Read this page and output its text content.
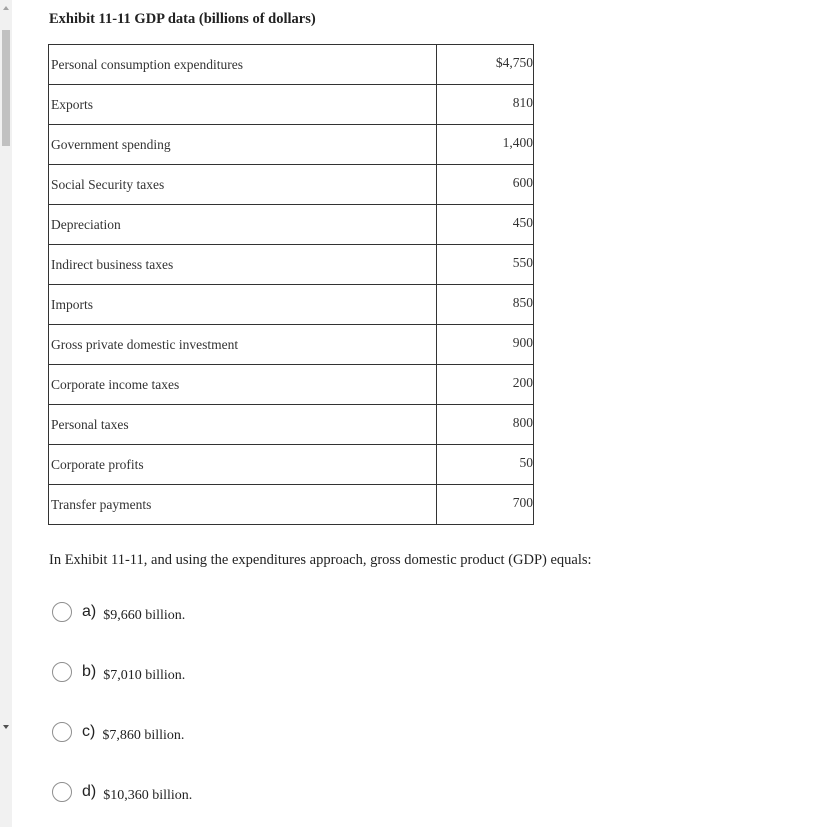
Exhibit 11-11 GDP data (billions of dollars)
Personal consumption expenditures	$4,750
Exports	810
Government spending	1,400
Social Security taxes	600
Depreciation	450
Indirect business taxes	550
Imports	850
Gross private domestic investment	900
Corporate income taxes	200
Personal taxes	800
Corporate profits	50
Transfer payments	700
In Exhibit 11-11, and using the expenditures approach, gross domestic product (GDP) equals:
a) $9,660 billion.
b) $7,010 billion.
c) $7,860 billion.
d) $10,360 billion.
